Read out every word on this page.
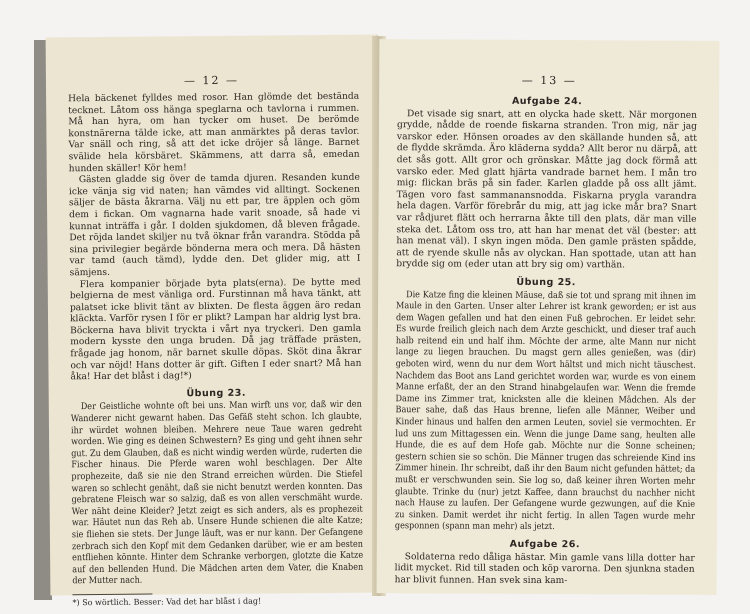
— 12 —

Hela bäckenet fylldes med rosor. Han glömde det bestända tecknet. Låtom oss hänga speglarna och tavlorna i rummen. Må han hyra, om han tycker om huset. De berömde konstnärerna tälde icke, att man anmärktes på deras tavlor. Var snäll och ring, så att det icke dröjer så länge. Barnet svälide hela körsbäret. Skämmens, att darra så, emedan hunden skäller! Kör hem!

Gästen gladde sig över de tamda djuren. Resanden kunde icke vänja sig vid naten; han vämdes vid alltingt. Sockenen säljer de bästa åkrarna. Välj nu ett par, tre äpplen och göm dem i fickan. Om vagnarna hade varit snoade, så hade vi kunnat inträffa i går. I dolden sjukdomen, då bleven frågade. Det röjda landet skiljer nu två öknar från varandra. Stödda på sina privilegier begärde bönderna mera och mera. Då hästen var tamd (auch tämd), lydde den. Det glider mig, att I sämjens.

Flera kompanier började byta plats(erna). De bytte med belgierna de mest vänliga ord. Furstinnan må hava tänkt, att palatset icke blivit tänt av blixten. De flesta äggen äro redan kläckta. Varför rysen I för er plikt? Lampan har aldrig lyst bra. Böckerna hava blivit tryckta i vårt nya tryckeri. Den gamla modern kysste den unga bruden. Då jag träffade prästen, frågade jag honom, när barnet skulle döpas. Sköt dina åkrar och var nöjd! Hans dotter är gift. Giften I eder snart? Må han åka! Har det blåst i dag!*)

Übung 23.

Der Geistliche wohnte oft bei uns. Man wirft uns vor, daß wir den Wanderer nicht gewarnt haben. Das Gefäß steht schon. Ich glaubte, ihr würdet wohnen bleiben. Mehrere neue Taue waren gedreht worden. Wie ging es deinen Schwestern? Es ging und geht ihnen sehr gut. Zu dem Glauben, daß es nicht windig werden würde, ruderten die Fischer hinaus. Die Pferde waren wohl beschlagen. Der Alte prophezeite, daß sie nie den Strand erreichen würden. Die Stiefel waren so schlecht genäht, daß sie nicht benutzt werden konnten. Das gebratene Fleisch war so salzig, daß es von allen verschmäht wurde. Wer näht deine Kleider? Jetzt zeigt es sich anders, als es prophezeit war. Häutet nun das Reh ab. Unsere Hunde schienen die alte Katze; sie fliehen sie stets. Der Junge läuft, was er nur kann. Der Gefangene zerbrach sich den Kopf mit dem Gedanken darüber, wie er am besten entfliehen könnte. Hinter dem Schranke verborgen, glotzte die Katze auf den bellenden Hund. Die Mädchen arten dem Vater, die Knaben der Mutter nach.

*) So wörtlich. Besser: Vad det har blåst i dag!

— 13 —
Aufgabe 24.

Det visade sig snart, att en olycka hade skett. När morgonen grydde, nådde de roende fiskarna stranden. Tron mig, när jag varskor eder. Hönsen oroades av den skällande hunden så, att de flydde skrämda. Äro kläderna sydda? Allt beror nu därpå, att det sås gott. Allt gror och grönskar. Måtte jag dock förmå att varsko eder. Med glatt hjärta vandrade barnet hem. I mån tro mig: flickan bräs på sin fader. Karlen gladde på oss allt jämt. Tägen voro fast sammanansnodda. Fiskarna prygla varandra hela dagen. Varför förebrår du mig, att jag icke mår bra? Snart var rådjuret flätt och herrarna åkte till den plats, där man ville steka det. Låtom oss tro, att han har menat det väl (bester: att han menat väl). I skyn ingen möda. Den gamle prästen spådde, att de ryende skulle nås av olyckan. Han spottade, utan att han brydde sig om (eder utan att bry sig om) varthän.

Übung 25.

Die Katze fing die kleinen Mäuse, daß sie tot und sprang mit ihnen im Maule in den Garten. Unser alter Lehrer ist krank geworden; er ist aus dem Wagen gefallen und hat den einen Fuß gebrochen. Er leidet sehr. Es wurde freilich gleich nach dem Arzte geschickt, und dieser traf auch halb reitend ein und half ihm. Möchte der arme, alte Mann nur nicht lange zu liegen brauchen. Du magst gern alles genießen, was (dir) geboten wird, wenn du nur dem Wort hältst und mich nicht täuschest. Nachdem das Boot ans Land gerichtet worden war, wurde es von einem Manne erfaßt, der an den Strand hinabgelaufen war. Wenn die fremde Dame ins Zimmer trat, knicksten alle die kleinen Mädchen. Als der Bauer sahe, daß das Haus brenne, liefen alle Männer, Weiber und Kinder hinaus und halfen den armen Leuten, soviel sie vermochten. Er lud uns zum Mittagessen ein. Wenn die junge Dame sang, heulten alle Hunde, die es auf dem Hofe gab. Möchte nur die Sonne scheinen; gestern schien sie so schön. Die Männer trugen das schreiende Kind ins Zimmer hinein. Ihr schreibt, daß ihr den Baum nicht gefunden hättet; da mußt er verschwunden sein. Sie log so, daß keiner ihren Worten mehr glaubte. Trinke du (nur) jetzt Kaffee, dann brauchst du nachher nicht nach Hause zu laufen. Der Gefangene wurde gezwungen, auf die Knie zu sinken. Damit werdet ihr nicht fertig. In allen Tagen wurde mehr gesponnen (spann man mehr) als jetzt.

Aufgabe 26.

Soldaterna redo dåliga hästar. Min gamle vans lilla dotter har lidit mycket. Rid till staden och köp varorna. Den sjunkna staden har blivit funnen. Han svek sina kam-
